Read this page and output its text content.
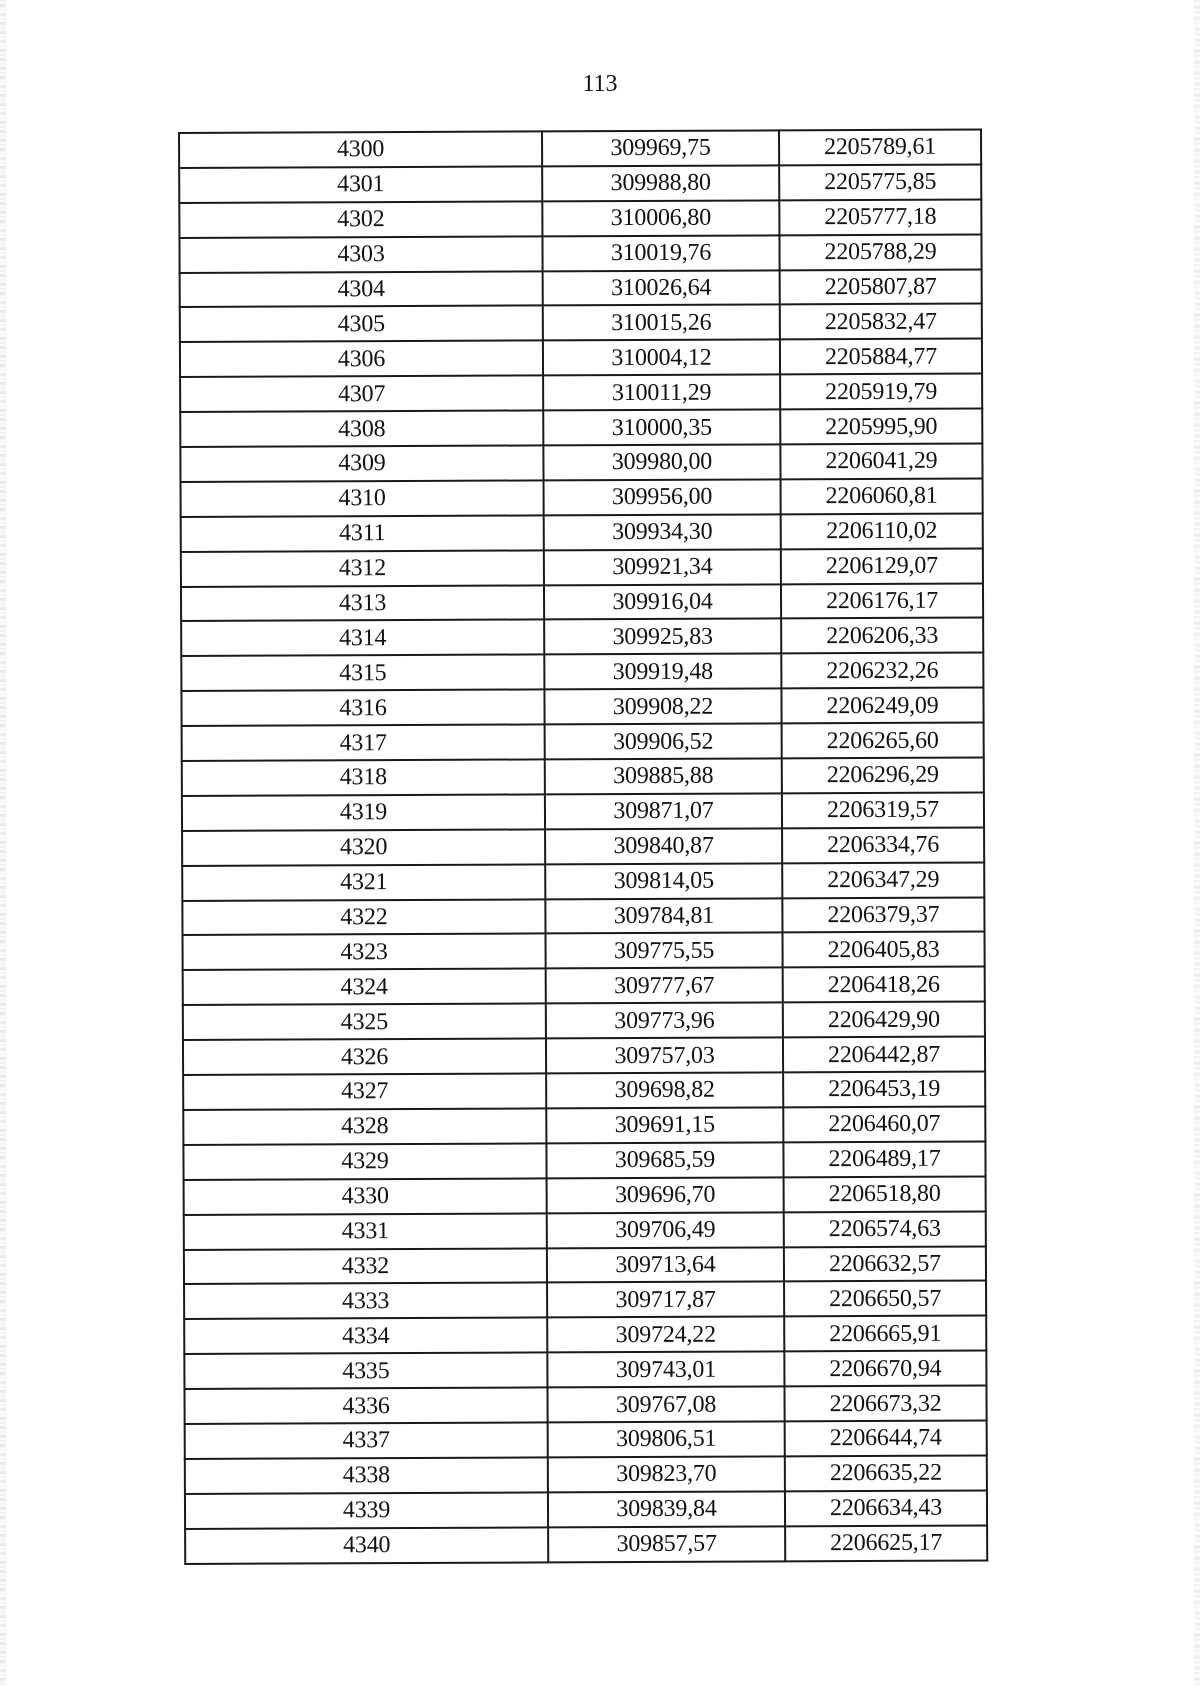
113
4300	309969,75	2205789,61
4301	309988,80	2205775,85
4302	310006,80	2205777,18
4303	310019,76	2205788,29
4304	310026,64	2205807,87
4305	310015,26	2205832,47
4306	310004,12	2205884,77
4307	310011,29	2205919,79
4308	310000,35	2205995,90
4309	309980,00	2206041,29
4310	309956,00	2206060,81
4311	309934,30	2206110,02
4312	309921,34	2206129,07
4313	309916,04	2206176,17
4314	309925,83	2206206,33
4315	309919,48	2206232,26
4316	309908,22	2206249,09
4317	309906,52	2206265,60
4318	309885,88	2206296,29
4319	309871,07	2206319,57
4320	309840,87	2206334,76
4321	309814,05	2206347,29
4322	309784,81	2206379,37
4323	309775,55	2206405,83
4324	309777,67	2206418,26
4325	309773,96	2206429,90
4326	309757,03	2206442,87
4327	309698,82	2206453,19
4328	309691,15	2206460,07
4329	309685,59	2206489,17
4330	309696,70	2206518,80
4331	309706,49	2206574,63
4332	309713,64	2206632,57
4333	309717,87	2206650,57
4334	309724,22	2206665,91
4335	309743,01	2206670,94
4336	309767,08	2206673,32
4337	309806,51	2206644,74
4338	309823,70	2206635,22
4339	309839,84	2206634,43
4340	309857,57	2206625,17
